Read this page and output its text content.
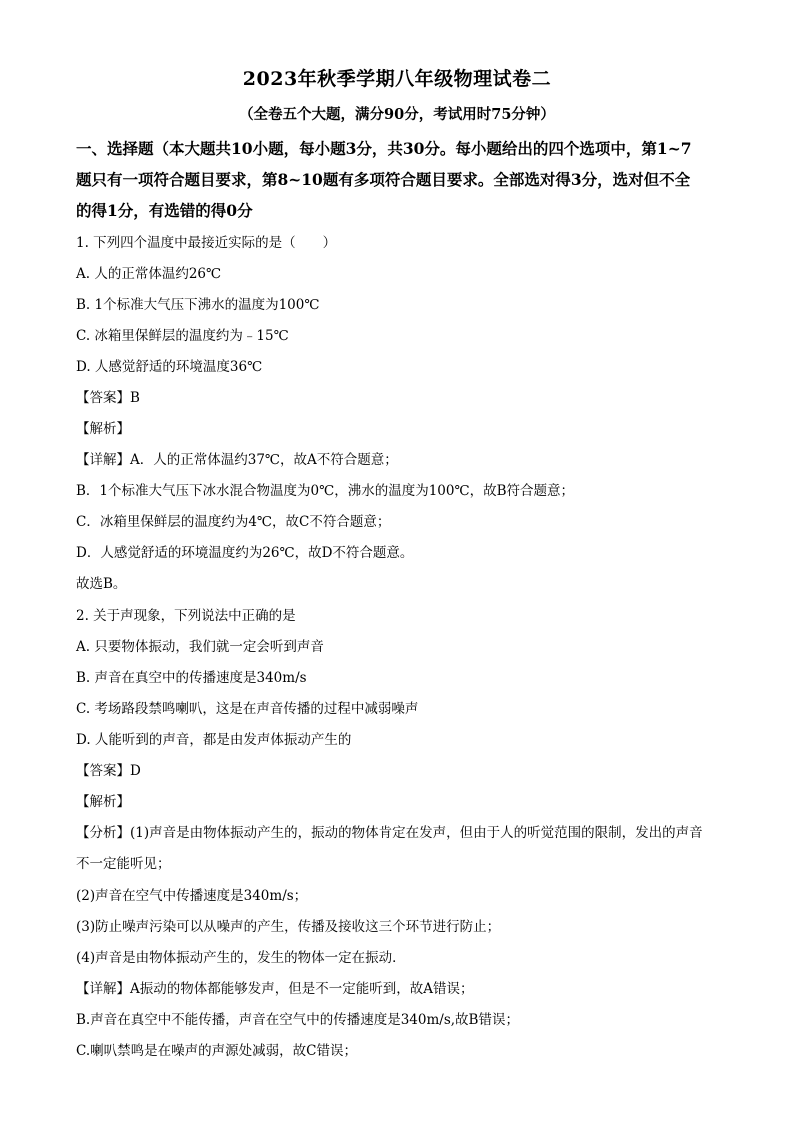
2023年秋季学期八年级物理试卷二
（全卷五个大题，满分90分，考试用时75分钟）
一、选择题（本大题共10小题，每小题3分，共30分。每小题给出的四个选项中，第1~7
题只有一项符合题目要求，第8~10题有多项符合题目要求。全部选对得3分，选对但不全
的得1分，有选错的得0分
1. 下列四个温度中最接近实际的是（　　）
A. 人的正常体温约26℃
B. 1个标准大气压下沸水的温度为100℃
C. 冰箱里保鲜层的温度约为﹣15℃
D. 人感觉舒适的环境温度36℃
【答案】B
【解析】
【详解】A．人的正常体温约37℃，故A不符合题意；
B．1个标准大气压下冰水混合物温度为0℃，沸水的温度为100℃，故B符合题意；
C．冰箱里保鲜层的温度约为4℃，故C不符合题意；
D．人感觉舒适的环境温度约为26℃，故D不符合题意。
故选B。
2. 关于声现象，下列说法中正确的是
A. 只要物体振动，我们就一定会听到声音
B. 声音在真空中的传播速度是340m/s
C. 考场路段禁鸣喇叭，这是在声音传播的过程中减弱噪声
D. 人能听到的声音，都是由发声体振动产生的
【答案】D
【解析】
【分析】(1)声音是由物体振动产生的，振动的物体肯定在发声，但由于人的听觉范围的限制，发出的声音
不一定能听见；
(2)声音在空气中传播速度是340m/s；
(3)防止噪声污染可以从噪声的产生，传播及接收这三个环节进行防止；
(4)声音是由物体振动产生的，发生的物体一定在振动．
【详解】A振动的物体都能够发声，但是不一定能听到，故A错误；
B.声音在真空中不能传播，声音在空气中的传播速度是340m/s,故B错误；
C.喇叭禁鸣是在噪声的声源处减弱，故C错误；
